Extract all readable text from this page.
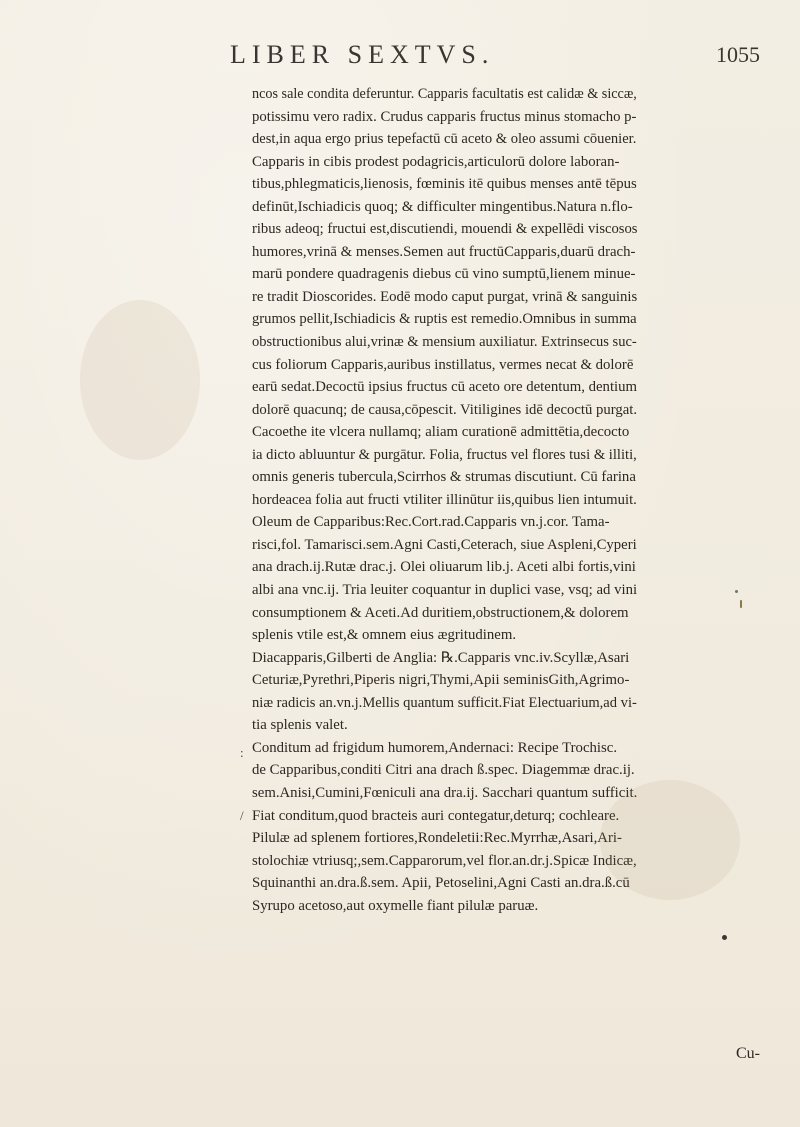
LIBER SEXTVS.	1055
ncos sale condita deferuntur. Capparis facultatis est calidæ & siccæ,
potissimu vero radix. Crudus capparis fructus minus stomacho p-
dest,in aqua ergo prius tepefactū cū aceto & oleo assumi cōuenier.
Capparis in cibis prodest podagricis,articulorū dolore laboran-
tibus,phlegmaticis,lienosis, fœminis itē quibus menses antē tēpus
definūt,Ischiadicis quoq; & difficulter mingentibus.Natura n.flo-
ribus adeoq; fructui est,discutiendi, mouendi & expellēdi viscosos
humores,vrinā & menses.Semen aut fructūCapparis,duarū drach-
marū pondere quadragenis diebus cū vino sumptū,lienem minue-
re tradit Dioscorides. Eodē modo caput purgat, vrinā & sanguinis
grumos pellit,Ischiadicis & ruptis est remedio.Omnibus in summa
obstructionibus alui,vrinæ & mensium auxiliatur. Extrinsecus suc-
cus foliorum Capparis,auribus instillatus, vermes necat & dolorē
earū sedat.Decoctū ipsius fructus cū aceto ore detentum, dentium
dolorē quacunq; de causa,cōpescit. Vitiligines idē decoctū purgat.
Cacoethe ite vlcera nullamq; aliam curationē admittētia,decocto
ia dicto abluuntur & purgātur. Folia, fructus vel flores tusi & illiti,
omnis generis tubercula,Scirrhos & strumas discutiunt. Cū farina
hordeacea folia aut fructi vtiliter illinūtur iis,quibus lien intumuit.
Oleum de Capparibus:Rec.Cort.rad.Capparis vn.j.cor. Tama-
risci,fol. Tamarisci.sem.Agni Casti,Ceterach, siue Aspleni,Cyperi
ana drach.ij.Rutæ drac.j. Olei oliuarum lib.j. Aceti albi fortis,vini
albi ana vnc.ij. Tria leuiter coquantur in duplici vase, vsq; ad vini
consumptionem & Aceti.Ad duritiem,obstructionem,& dolorem
splenis vtile est,& omnem eius ægritudinem.
Diacapparis,Gilberti de Anglia: ℞.Capparis vnc.iv.Scyllæ,Asari
Ceturiæ,Pyrethri,Piperis nigri,Thymi,Apii seminisGith,Agrimo-
niæ radicis an.vn.j.Mellis quantum sufficit.Fiat Electuarium,ad vi-
tia splenis valet.
Conditum ad frigidum humorem,Andernaci: Recipe Trochisc.
de Capparibus,conditi Citri ana drach ß.spec. Diagemmæ drac.ij.
sem.Anisi,Cumini,Fœniculi ana dra.ij. Sacchari quantum sufficit.
Fiat conditum,quod bracteis auri contegatur,deturq; cochleare.
Pilulæ ad splenem fortiores,Rondeletii:Rec.Myrrhæ,Asari,Ari-
stolochiæ vtriusq;,sem.Capparorum,vel flor.an.dr.j.Spicæ Indicæ,
Squinanthi an.dra.ß.sem. Apii, Petoselini,Agni Casti an.dra.ß.cū
Syrupo acetoso,aut oxymelle fiant pilulæ paruæ.
Cu-
:
/
